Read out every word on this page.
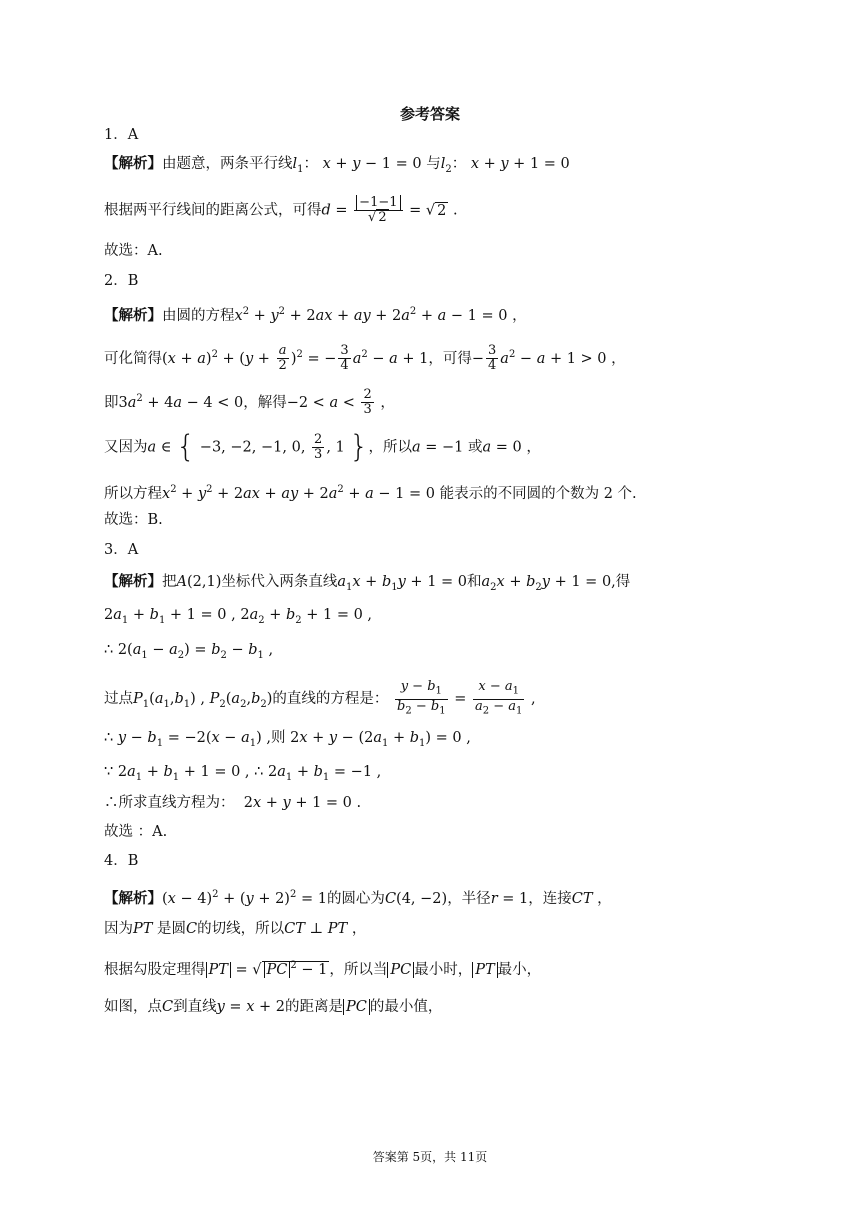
参考答案
1．A
【解析】由题意，两条平行线$l_1$： x + y − 1 = 0 与$l_2$： x + y + 1 = 0
根据两平行线间的距离公式，可得$d = \frac{-1-1}{√ 2}$ = √ 2 .
故选：A.
2．B
【解析】由圆的方程$x^2 + y^2 + 2ax$ + ay + $2a^2 + a - 1 = 0$ ，
可化简得$(x + a)^2 + (y + \frac{a}{2} )^2$ = − $\frac{3}{4} a^2 - a + 1$，可得− $\frac{3}{4} a^2 - a + 1 > 0$ ，
即$3a^2 + 4a - 4 < 0$，解得$-2 < a < \frac{2}{3}$ ，
又因为a ∈ { −3, −2, −1, 0, $\frac{2}{3}$ , 1 }，所以a = −1 或a = 0 ，
所以方程$x^2 + y^2 + 2ax$ + ay + $2a^2 + a - 1 = 0$ 能表示的不同圆的个数为 2 个.
故选：B.
3．A
【解析】把A(2,1)坐标代入两条直线$a_1x + b_1y + 1 = 0$和$a_2x + b_2y + 1 = 0$,得
$2a_1 + b_1 + 1 = 0$ , $2a_2 + b_2 + 1 = 0$ ,
∴ $2(a_1 - a_2) = b_2 - b_1$ ,
过点$P_1(a_1,b_1)$ , $P_2(a_2,b_2)$的直线的方程是： $\frac{y - b_1}{b_2 - b_1} = \frac{x - a_1}{a_2 - a_1}$ ,
∴ $y - b_1 = -2(x - a_1)$ ,则 $2x + y - (2a_1 + b_1) = 0$ ,
∵ $2a_1 + b_1 + 1 = 0$ , ∴ $2a_1 + b_1 = -1$ ,
∴所求直线方程为：  2x + y + 1 = 0 .
故选 ：A.
4．B
【解析】$(x - 4)^2 + (y + 2)^2 = 1$的圆心为C(4, −2)，半径r = 1，连接CT ，
因为PT 是圆C的切线，所以CT ⊥ PT ，
根据勾股定理得 PT = √ PC $^2$ − 1 ，所以当 PC 最小时， PT 最小，
如图，点C到直线y = x + 2的距离是 PC 的最小值，
答案第 5页，共 11页
